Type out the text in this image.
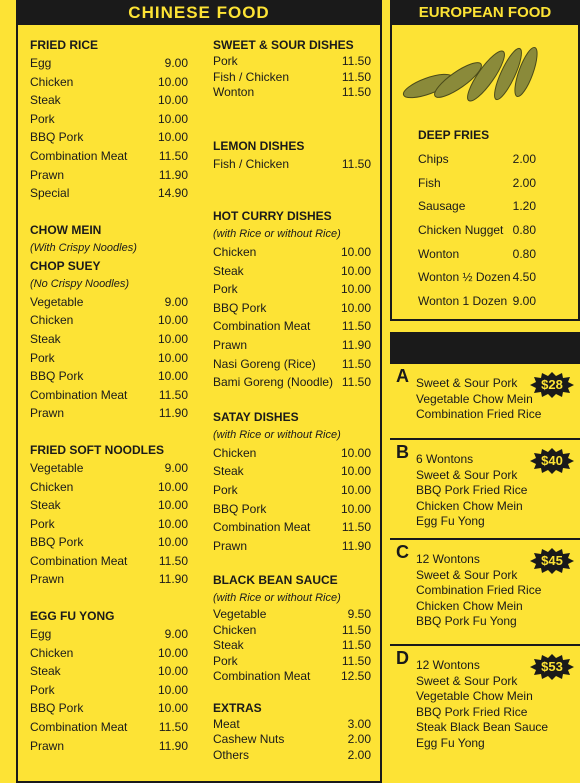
CHINESE FOOD	EUROPEAN FOOD
FRIED RICE
Egg	9.00
Chicken	10.00
Steak	10.00
Pork	10.00
BBQ Pork	10.00
Combination Meat	11.50
Prawn	11.90
Special	14.90
CHOW MEIN
(With Crispy Noodles)
CHOP SUEY
(No Crispy Noodles)
Vegetable	9.00
Chicken	10.00
Steak	10.00
Pork	10.00
BBQ Pork	10.00
Combination Meat	11.50
Prawn	11.90
FRIED SOFT NOODLES
Vegetable	9.00
Chicken	10.00
Steak	10.00
Pork	10.00
BBQ Pork	10.00
Combination Meat	11.50
Prawn	11.90
EGG FU YONG
Egg	9.00
Chicken	10.00
Steak	10.00
Pork	10.00
BBQ Pork	10.00
Combination Meat	11.50
Prawn	11.90
SWEET & SOUR DISHES
Pork	11.50
Fish / Chicken	11.50
Wonton	11.50
LEMON DISHES
Fish / Chicken	11.50
HOT CURRY DISHES
(with Rice or without Rice)
Chicken	10.00
Steak	10.00
Pork	10.00
BBQ Pork	10.00
Combination Meat	11.50
Prawn	11.90
Nasi Goreng (Rice) 11.50
Bami Goreng (Noodle) 11.50
SATAY DISHES
(with Rice or without Rice)
Chicken	10.00
Steak	10.00
Pork	10.00
BBQ Pork	10.00
Combination Meat	11.50
Prawn	11.90
BLACK BEAN SAUCE
(with Rice or without Rice)
Vegetable	9.50
Chicken	11.50
Steak	11.50
Pork	11.50
Combination Meat	12.50
EXTRAS
Meat	3.00
Cashew Nuts	2.00
Others	2.00
DEEP FRIES
Chips	2.00
Fish	2.00
Sausage	1.20
Chicken Nugget 0.80
Wonton	0.80
Wonton ½ Dozen 4.50
Wonton 1 Dozen 9.00
A Sweet & Sour Pork
Vegetable Chow Mein
Combination Fried Rice
$28
B 6 Wontons
Sweet & Sour Pork
BBQ Pork Fried Rice
Chicken Chow Mein
Egg Fu Yong
$40
C 12 Wontons
Sweet & Sour Pork
Combination Fried Rice
Chicken Chow Mein
BBQ Pork Fu Yong
$45
D 12 Wontons
Sweet & Sour Pork
Vegetable Chow Mein
BBQ Pork Fried Rice
Steak Black Bean Sauce
Egg Fu Yong
$53
